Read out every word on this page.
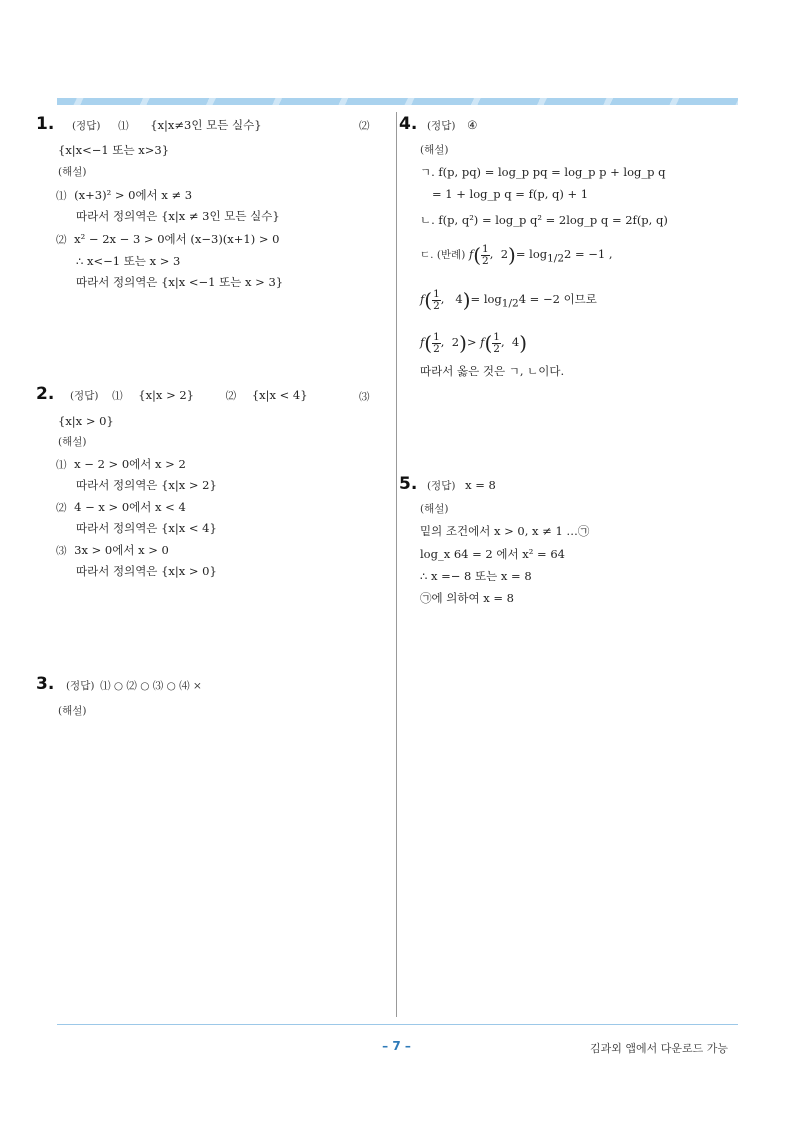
1. (정답) ⑴ {x|x≠3인 모든 실수}	⑵
{x|x<−1 또는 x>3}
(해설)
⑴ (x+3)² > 0에서 x ≠ 3
따라서 정의역은 {x|x ≠ 3인 모든 실수}
⑵ x² − 2x − 3 > 0에서 (x−3)(x+1) > 0
∴ x<−1 또는 x > 3
따라서 정의역은 {x|x <−1 또는 x > 3}
2. (정답) ⑴ {x|x > 2}	⑵ {x|x < 4}	⑶
{x|x > 0}
(해설)
⑴ x − 2 > 0에서 x > 2
따라서 정의역은 {x|x > 2}
⑵ 4 − x > 0에서 x < 4
따라서 정의역은 {x|x < 4}
⑶ 3x > 0에서 x > 0
따라서 정의역은 {x|x > 0}
3. (정답) ⑴ ○ ⑵ ○ ⑶ ○ ⑷ ×
(해설)
4. (정답) ④
(해설)
ㄱ. f(p, pq) = log_p pq = log_p p + log_p q
= 1 + log_p q = f(p, q) + 1
ㄴ. f(p, q²) = log_p q² = 2log_p q = 2f(p, q)
ㄷ. (반례) $f( \frac{1}{2}$ ,  $2)= \log_{1/2}2 = -1$ ,
$f( \frac{1}{2}$ ,   $4)= \log_{1/2}4 = -2$ 이므로
$f( \frac{1}{2}$ ,  $2)> f( \frac{1}{2}$ ,  4)
따라서 옳은 것은 ㄱ, ㄴ이다.
5. (정답) x = 8
(해설)
밑의 조건에서 x > 0, x ≠ 1 …㉠
log_x 64 = 2 에서 x² = 64
∴ x =− 8 또는 x = 8
㉠에 의하여 x = 8
– 7 –	김과외 앱에서 다운로드 가능
